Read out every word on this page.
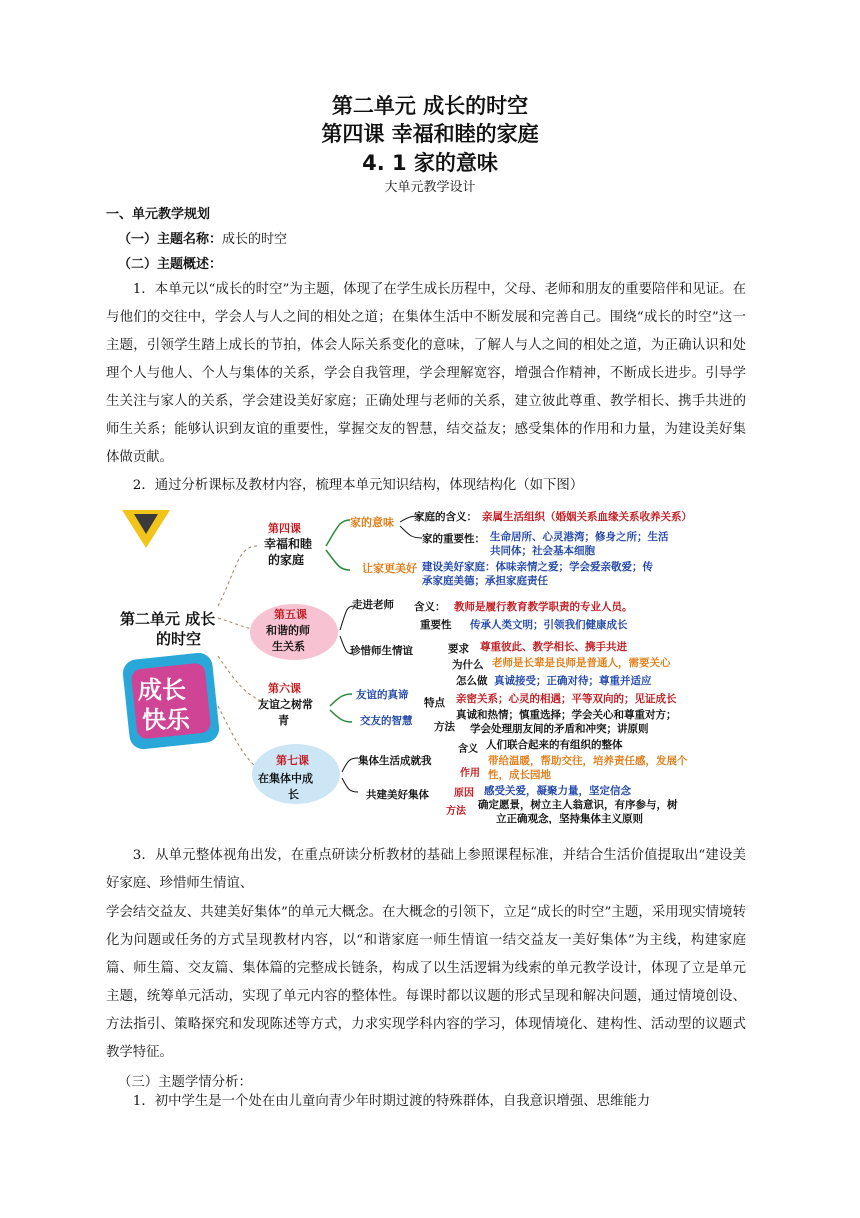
第二单元 成长的时空
第四课 幸福和睦的家庭
4. 1 家的意味
大单元教学设计
一、单元教学规划
（一）主题名称：成长的时空
（二）主题概述：

1．本单元以“成长的时空”为主题，体现了在学生成长历程中，父母、老师和朋友的重要陪伴和见证。在与他们的交往中，学会人与人之间的相处之道；在集体生活中不断发展和完善自己。围绕“成长的时空”这一主题，引领学生踏上成长的节拍，体会人际关系变化的意味，了解人与人之间的相处之道，为正确认识和处理个人与他人、个人与集体的关系，学会自我管理，学会理解宽容，增强合作精神，不断成长进步。引导学生关注与家人的关系，学会建设美好家庭；正确处理与老师的关系，建立彼此尊重、教学相长、携手共进的师生关系；能够认识到友谊的重要性，掌握交友的智慧，结交益友；感受集体的作用和力量，为建设美好集体做贡献。

2．通过分析课标及教材内容，梳理本单元知识结构，体现结构化（如下图）

第二单元 成长
的时空
成长
快乐
第四课
幸福和睦
的家庭
家的意味
让家更美好
家庭的含义： 亲属生活组织（婚姻关系血缘关系收养关系）
家的重要性： 生命居所、心灵港湾；修身之所；生活
共同体；社会基本细胞
建设美好家庭：体味亲情之爱；学会爱亲敬爱；传
承家庭美德；承担家庭责任
第五课
和谐的师
生关系
走进老师
珍惜师生情谊
含义： 教师是履行教育教学职责的专业人员。
重要性 传承人类文明；引领我们健康成长
要求 尊重彼此、教学相长、携手共进
为什么 老师是长辈是良师是普通人，需要关心
怎么做 真诚接受；正确对待；尊重并适应
第六课
友谊之树常
青
友谊的真谛
交友的智慧
特点
方法
亲密关系；心灵的相遇；平等双向的；见证成长
真诚和热情；慎重选择；学会关心和尊重对方；
学会处理朋友间的矛盾和冲突；讲原则
第七课
在集体中成
长
集体生活成就我
共建美好集体
含义
作用
原因
方法
人们联合起来的有组织的整体
带给温暖，帮助交往，培养责任感，发展个
性，成长园地
感受关爱，凝聚力量，坚定信念
确定愿景，树立主人翁意识，有序参与，树
立正确观念，坚持集体主义原则

3．从单元整体视角出发，在重点研读分析教材的基础上参照课程标准，并结合生活价值提取出“建设美好家庭、珍惜师生情谊、

学会结交益友、共建美好集体”的单元大概念。在大概念的引领下，立足“成长的时空”主题，采用现实情境转化为问题或任务的方式呈现教材内容，以“和谐家庭一师生情谊一结交益友一美好集体”为主线，构建家庭篇、师生篇、交友篇、集体篇的完整成长链条，构成了以生活逻辑为线索的单元教学设计，体现了立是单元主题，统筹单元活动，实现了单元内容的整体性。每课时都以议题的形式呈现和解决问题，通过情境创设、方法指引、策略探究和发现陈述等方式，力求实现学科内容的学习，体现情境化、建构性、活动型的议题式教学特征。

（三）主题学情分析：

1．初中学生是一个处在由儿童向青少年时期过渡的特殊群体，自我意识增强、思维能力
